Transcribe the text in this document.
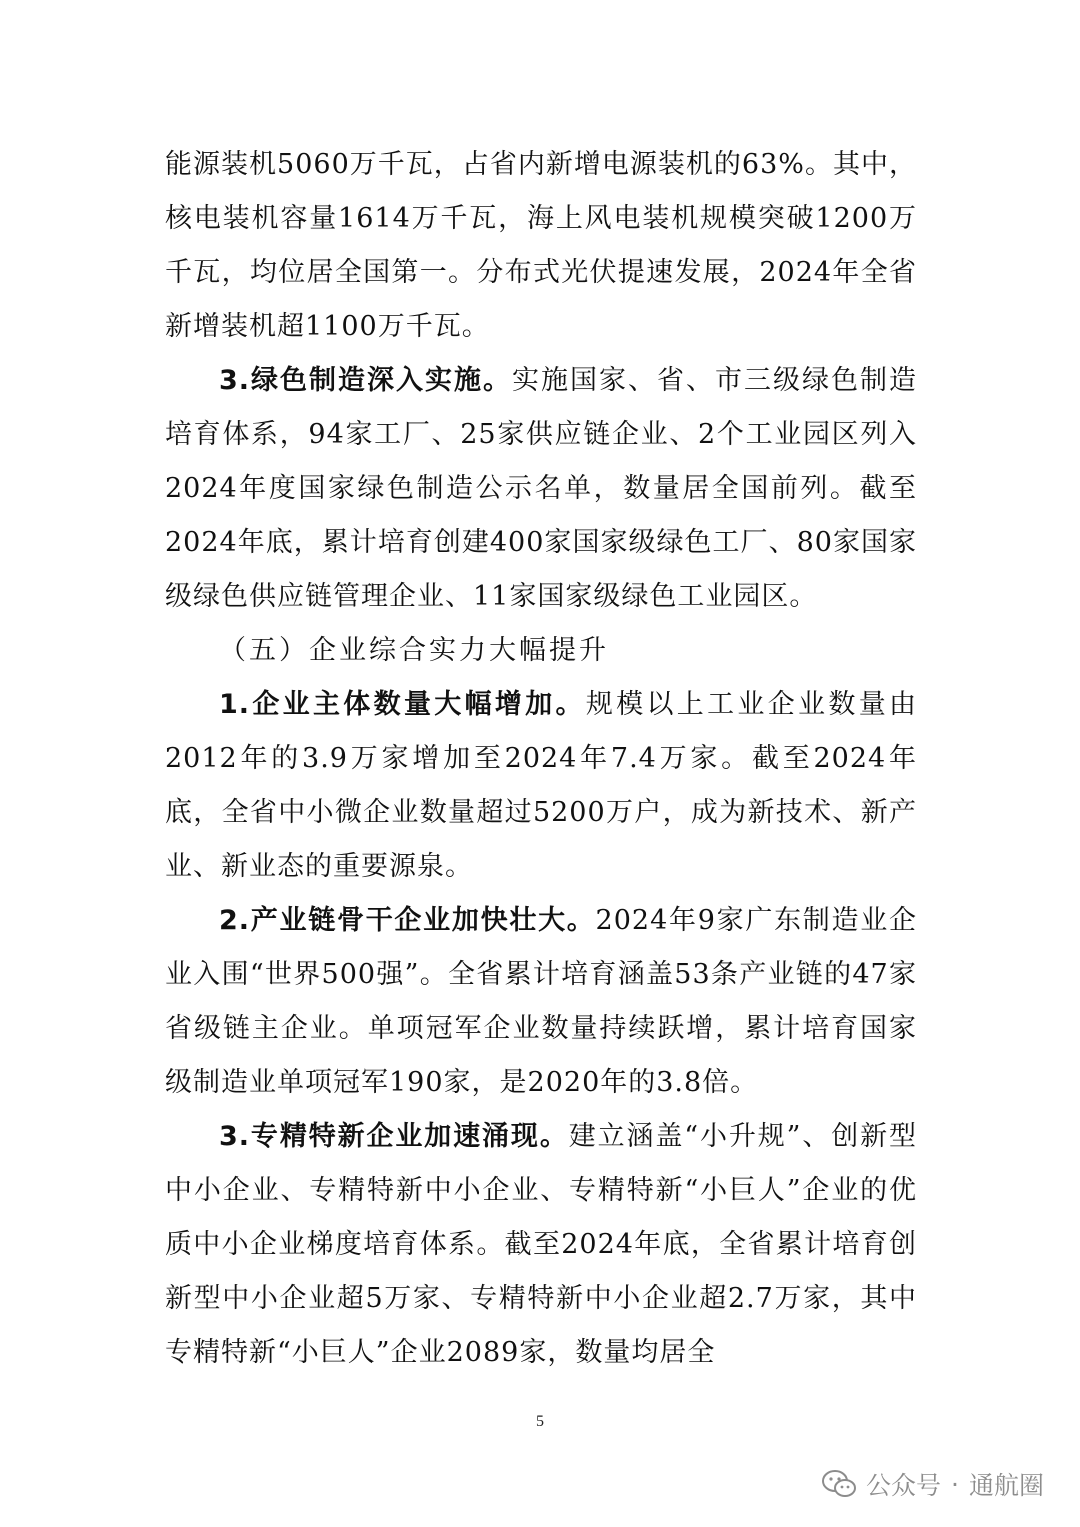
能源装机5060万千瓦，占省内新增电源装机的63%。其中，核电装机容量1614万千瓦，海上风电装机规模突破1200万千瓦，均位居全国第一。分布式光伏提速发展，2024年全省新增装机超1100万千瓦。

3.绿色制造深入实施。实施国家、省、市三级绿色制造培育体系，94家工厂、25家供应链企业、2个工业园区列入2024年度国家绿色制造公示名单，数量居全国前列。截至2024年底，累计培育创建400家国家级绿色工厂、80家国家级绿色供应链管理企业、11家国家级绿色工业园区。

（五）企业综合实力大幅提升

1.企业主体数量大幅增加。规模以上工业企业数量由2012年的3.9万家增加至2024年7.4万家。截至2024年底，全省中小微企业数量超过5200万户，成为新技术、新产业、新业态的重要源泉。

2.产业链骨干企业加快壮大。2024年9家广东制造业企业入围“世界500强”。全省累计培育涵盖53条产业链的47家省级链主企业。单项冠军企业数量持续跃增，累计培育国家级制造业单项冠军190家，是2020年的3.8倍。

3.专精特新企业加速涌现。建立涵盖“小升规”、创新型中小企业、专精特新中小企业、专精特新“小巨人”企业的优质中小企业梯度培育体系。截至2024年底，全省累计培育创新型中小企业超5万家、专精特新中小企业超2.7万家，其中专精特新“小巨人”企业2089家，数量均居全

5
公众号 · 通航圈
